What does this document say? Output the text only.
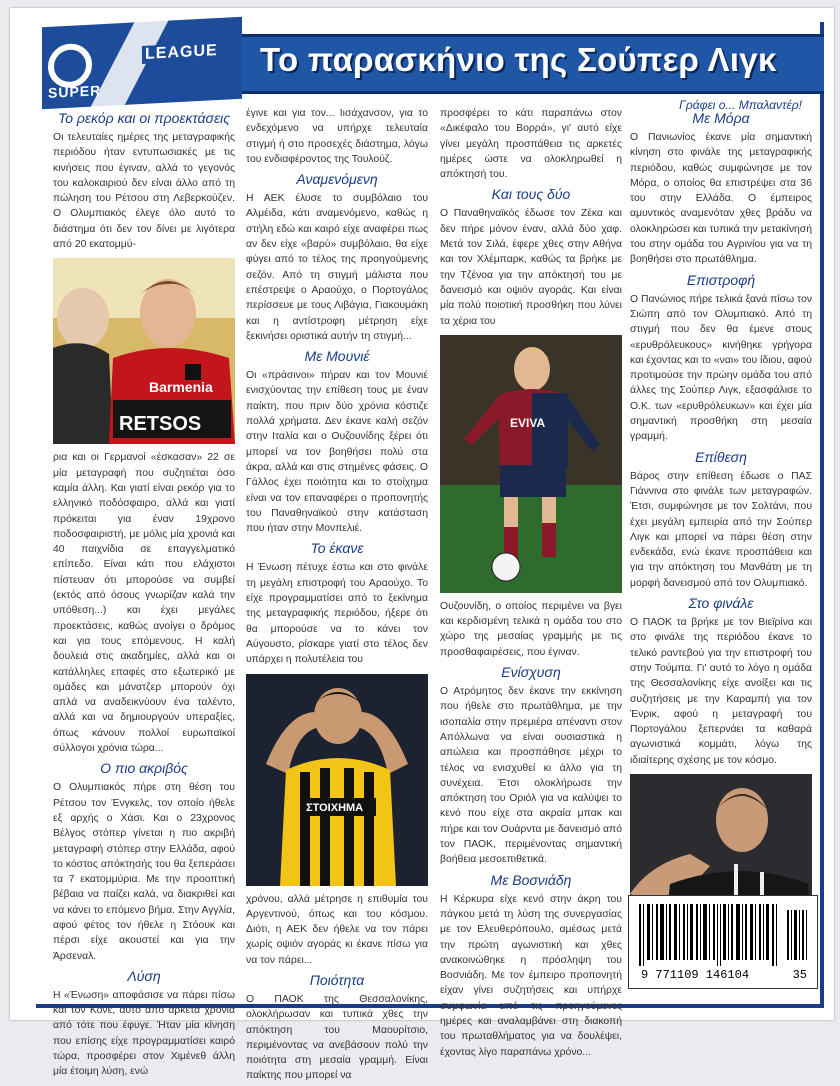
SUPER
LEAGUE Το παρασκήνιο της Σούπερ Λιγκ
Γράφει ο... Μπαλαντέρ!
Το ρεκόρ και οι προεκτάσεις

Οι τελευταίες ημέρες της μεταγραφικής περιόδου ήταν εντυπωσιακές με τις κινήσεις που έγιναν, αλλά το γεγονός του καλοκαιριού δεν είναι άλλο από τη πώληση του Ρέτσου στη Λεβερκούζεν. Ο Ολυμπιακός έλεγε όλο αυτό το διάστημα ότι δεν τον δίνει με λιγότερα από 20 εκατομμύ-

Barmenia
RETSOS

ρια και οι Γερμανοί «έσκασαν» 22 σε μία μεταγραφή που συζητιέται όσο καμία άλλη. Και γιατί είναι ρεκόρ για το ελληνικό ποδόσφαιρο, αλλά και γιατί πρόκειται για έναν 19χρονο ποδοσφαιριστή, με μόλις μία χρονιά και 40 παιχνίδια σε επαγγελματικό επίπεδο. Είναι κάτι που ελάχιστοι πίστευαν ότι μπορούσε να συμβεί (εκτός από όσους γνωρίζαν καλά την υπόθεση...) και έχει μεγάλες προεκτάσεις, καθώς ανοίγει ο δρόμος και για τους επόμενους. Η καλή δουλειά στις ακαδημίες, αλλά και οι κατάλληλες επαφές στο εξωτερικό με ομάδες και μάνατζερ μπορούν όχι απλά να αναδεικνύουν ένα ταλέντο, αλλά και να δημιουργούν υπεραξίες, όπως κάνουν πολλοί ευρωπαϊκοί σύλλογοι χρόνια τώρα...

Ο πιο ακριβός

Ο Ολυμπιακός πήρε στη θέση του Ρέτσου τον Ένγκελς, τον οποίο ήθελε εξ αρχής ο Χάσι. Και ο 23χρονος Βέλγος στόπερ γίνεται η πιο ακριβή μεταγραφή στόπερ στην Ελλάδα, αφού το κόστος απόκτησής του θα ξεπεράσει τα 7 εκατομμύρια. Με την προοπτική βέβαια να παίζει καλά, να διακριθεί και να κάνει το επόμενο βήμα. Στην Αγγλία, αφού φέτος τον ήθελε η Στόουκ και πέρσι είχε ακουστεί και για την Άρσεναλ.

Λύση

Η «Ένωση» αποφάσισε να πάρει πίσω και τον Κονέ, αυτό από αρκετά χρόνια από τότε που έφυγε. Ήταν μία κίνηση που επίσης είχε προγραμματίσει καιρό τώρα, προσφέρει στον Χιμένεθ άλλη μία έτοιμη λύση, ενώ

έγινε και για τον... Ιισάχανσον, για το ενδεχόμενο να υπήρχε τελευταία στιγμή ή στο προσεχές διάστημα, λόγω του ενδιαφέροντος της Τουλούζ.

Αναμενόμενη

Η ΑΕΚ έλυσε το συμβόλαιο του Αλμέιδα, κάτι αναμενόμενο, καθώς η στήλη εδώ και καιρό είχε αναφέρει πως αν δεν είχε «βαρύ» συμβόλαιο, θα είχε φύγει από το τέλος της προηγούμενης σεζόν. Από τη στιγμή μάλιστα που επέστρεψε ο Αραούχο, ο Πορτογάλος περίσσευε με τους Λιβάγια, Γιακουμάκη και η αντίστροφη μέτρηση είχε ξεκινήσει οριστικά αυτήν τη στιγμή...

Με Μουνιέ

Οι «πράσινοι» πήραν και τον Μουνιέ ενισχύοντας την επίθεση τους με έναν παίκτη, που πριν δύο χρόνια κόστιζε πολλά χρήματα. Δεν έκανε καλή σεζόν στην Ιταλία και ο Ουζουνίδης ξέρει ότι μπορεί να τον βοηθήσει πολύ στα άκρα, αλλά και στις στημένες φάσεις. Ο Γάλλος έχει ποιότητα και το στοίχημα είναι να τον επαναφέρει ο προπονητής του Παναθηναϊκού στην κατάσταση που ήταν στην Μονπελιέ.

Το έκανε

Η Ένωση πέτυχε έστω και στο φινάλε τη μεγάλη επιστροφή του Αραούχο. Το είχε προγραμματίσει από το ξεκίνημα της μεταγραφικής περιόδου, ήξερε ότι θα μπορούσε να το κάνει τον Αύγουστο, ρίσκαρε γιατί στο τέλος δεν υπάρχει η πολυτέλεια του

ΣΤΟΙΧΗΜΑ

χρόνου, αλλά μέτρησε η επιθυμία του Αργεντινού, όπως και του κόσμου. Διότι, η ΑΕΚ δεν ήθελε να τον πάρει χωρίς οψιόν αγοράς κι έκανε πίσω για να τον πάρει...

Ποιότητα

Ο ΠΑΟΚ της Θεσσαλονίκης, ολοκλήρωσαν και τυπικά χθες την απόκτηση του Μαουρίτσιο, περιμένοντας να ανεβάσουν πολύ την ποιότητα στη μεσαία γραμμή. Είναι παίκτης που μπορεί να

προσφέρει το κάτι παραπάνω στον «Δικέφαλο του Βορρά», γι' αυτό είχε γίνει μεγάλη προσπάθεια τις αρκετές ημέρες ώστε να ολοκληρωθεί η απόκτησή του.

Και τους δύο

Ο Παναθηναϊκός έδωσε τον Ζέκα και δεν πήρε μόνον έναν, αλλά δύο χαφ. Μετά τον Σιλά, έφερε χθες στην Αθήνα και τον Χλέμπαρκ, καθώς τα βρήκε με την Τζένοα για την απόκτησή του με δανεισμό και οψιόν αγοράς. Και είναι μία πολύ ποιοτική προσθήκη που λύνει τα χέρια του

EVIVA

Ουζουνίδη, ο οποίος περιμένει να βγει και κερδισμένη τελικά η ομάδα του στο χώρο της μεσαίας γραμμής με τις προσθαφαιρέσεις, που έγιναν.

Ενίσχυση

Ο Ατρόμητος δεν έκανε την εκκίνηση που ήθελε στο πρωτάθλημα, με την ισοπαλία στην πρεμιέρα απέναντι στον Απόλλωνα να είναι ουσιαστικά η απώλεια και προσπάθησε μέχρι το τέλος να ενισχυθεί κι άλλο για τη συνέχεια. Έτσι ολοκλήρωσε την απόκτηση του Οριόλ για να καλύψει το κενό που είχε στα ακραία μπακ και πήρε και τον Ουάρντα με δανεισμό από τον ΠΑΟΚ, περιμένοντας σημαντική βοήθεια μεσοεπιθετικά.

Με Βοσνιάδη

Η Κέρκυρα είχε κενό στην άκρη του πάγκου μετά τη λύση της συνεργασίας με τον Ελευθερόπουλο, αμέσως μετά την πρώτη αγωνιστική και χθες ανακοινώθηκε η πρόσληψη του Βοσνιάδη. Με τον έμπειρο προπονητή είχαν γίνει συζητήσεις και υπήρχε συμφωνία από τις προηγούμενες ημέρες και αναλαμβάνει στη διακοπή του πρωταθλήματος για να δουλέψει, έχοντας λίγο παραπάνω χρόνο...

Με Μόρα

Ο Πανιωνίος έκανε μία σημαντική κίνηση στο φινάλε της μεταγραφικής περιόδου, καθώς συμφώνησε με τον Μόρα, ο οποίος θα επιστρέψει στα 36 του στην Ελλάδα. Ο έμπειρος αμυντικός αναμενόταν χθες βράδυ να ολοκληρώσει και τυπικά την μετακίνησή του στην ομάδα του Αγρινίου για να τη βοηθήσει στο πρωτάθλημα.

Επιστροφή

Ο Πανώνιος πήρε τελικά ξανά πίσω τον Σιώπη από τον Ολυμπιακό. Από τη στιγμή που δεν θα έμενε στους «ερυθρόλευκους» κινήθηκε γρήγορα και έχοντας και το «ναι» του ίδιου, αφού προτιμούσε την πρώην ομάδα του από άλλες της Σούπερ Λιγκ, εξασφάλισε το Ο.Κ. των «ερυθρόλευκων» και έχει μία σημαντική προσθήκη στη μεσαία γραμμή.

Επίθεση

Βάρος στην επίθεση έδωσε ο ΠΑΣ Γιάννινα στο φινάλε των μεταγραφών. Έτσι, συμφώνησε με τον Σολτάνι, που έχει μεγάλη εμπειρία από την Σούπερ Λιγκ και μπορεί να πάρει θέση στην ενδεκάδα, ενώ έκανε προσπάθεια και για την απόκτηση του Μανθάτη με τη μορφή δανεισμού από τον Ολυμπιακό.

Στο φινάλε

Ο ΠΑΟΚ τα βρήκε με τον Βιεϊρίνα και στο φινάλε της περιόδου έκανε το τελικό ραντεβού για την επιστροφή του στην Τούμπα. Γι' αυτό το λόγο η ομάδα της Θεσσαλονίκης είχε ανοίξει και τις συζητήσεις με την Καραμπή για τον Ένρικ, αφού η μεταγραφή του Πορτογάλου ξεπερνάει τα καθαρά αγωνιστικά κομμάτι, λόγω της ιδιαίτερης σχέσης με τον κόσμο.

9 771109 146104	35
